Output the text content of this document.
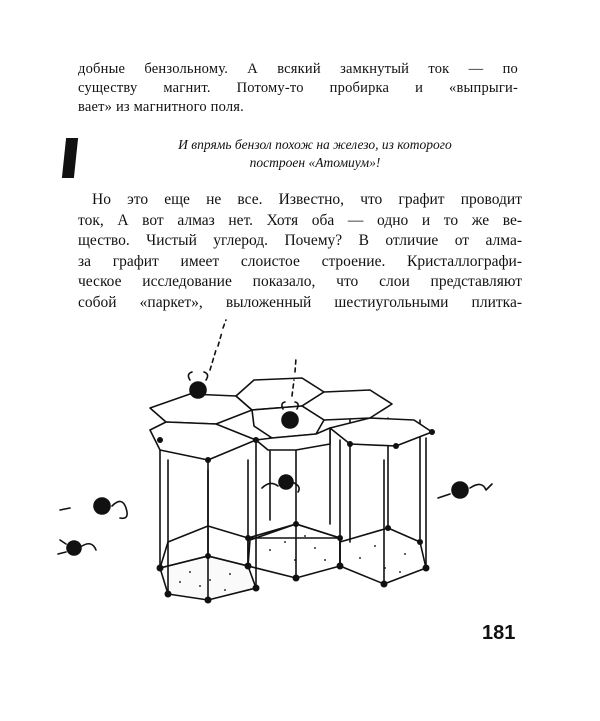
добные бензольному. А всякий замкнутый ток — по
существу магнит. Потому-то пробирка и «выпрыги-
вает» из магнитного поля.
И впрямь бензол похож на железо, из которого
построен «Атомиум»!
Но это еще не все. Известно, что графит проводит
ток, А вот алмаз нет. Хотя оба — одно и то же ве-
щество. Чистый углерод. Почему? В отличие от алма-
за графит имеет слоистое строение. Кристаллографи-
ческое исследование показало, что слои представляют
собой «паркет», выложенный шестиугольными плитка-
181
